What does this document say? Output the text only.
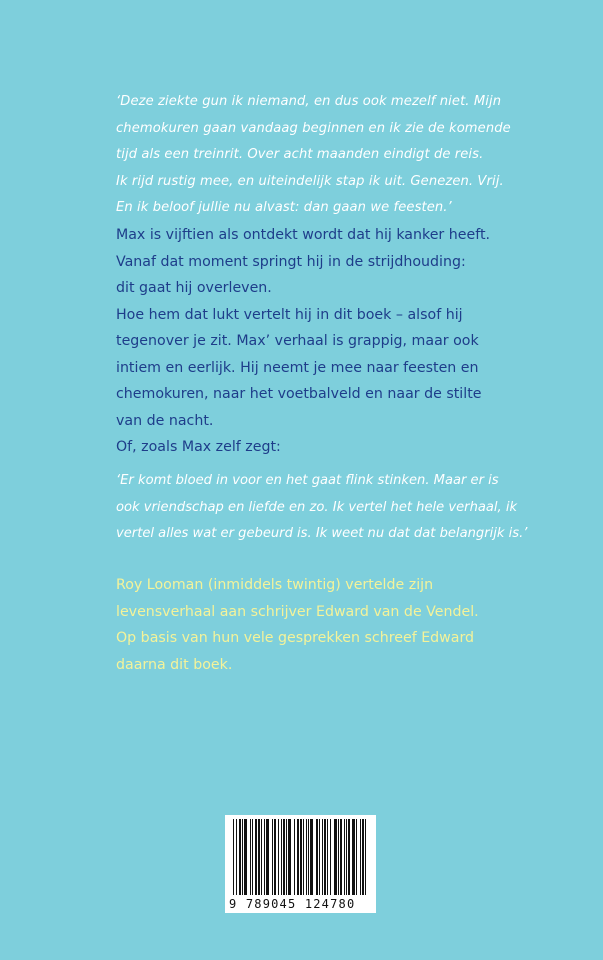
‘Deze ziekte gun ik niemand, en dus ook mezelf niet. Mijn
chemokuren gaan vandaag beginnen en ik zie de komende
tijd als een treinrit. Over acht maanden eindigt de reis.
Ik rijd rustig mee, en uiteindelijk stap ik uit. Genezen. Vrij.
En ik beloof jullie nu alvast: dan gaan we feesten.’
Max is vijftien als ontdekt wordt dat hij kanker heeft.
Vanaf dat moment springt hij in de strijdhouding:
dit gaat hij overleven.
Hoe hem dat lukt vertelt hij in dit boek – alsof hij
tegenover je zit. Max’ verhaal is grappig, maar ook
intiem en eerlijk. Hij neemt je mee naar feesten en
chemokuren, naar het voetbalveld en naar de stilte
van de nacht.
Of, zoals Max zelf zegt:
‘Er komt bloed in voor en het gaat flink stinken. Maar er is
ook vriendschap en liefde en zo. Ik vertel het hele verhaal, ik
vertel alles wat er gebeurd is. Ik weet nu dat dat belangrijk is.’
Roy Looman (inmiddels twintig) vertelde zijn
levensverhaal aan schrijver Edward van de Vendel.
Op basis van hun vele gesprekken schreef Edward
daarna dit boek.
9 789045 124780
